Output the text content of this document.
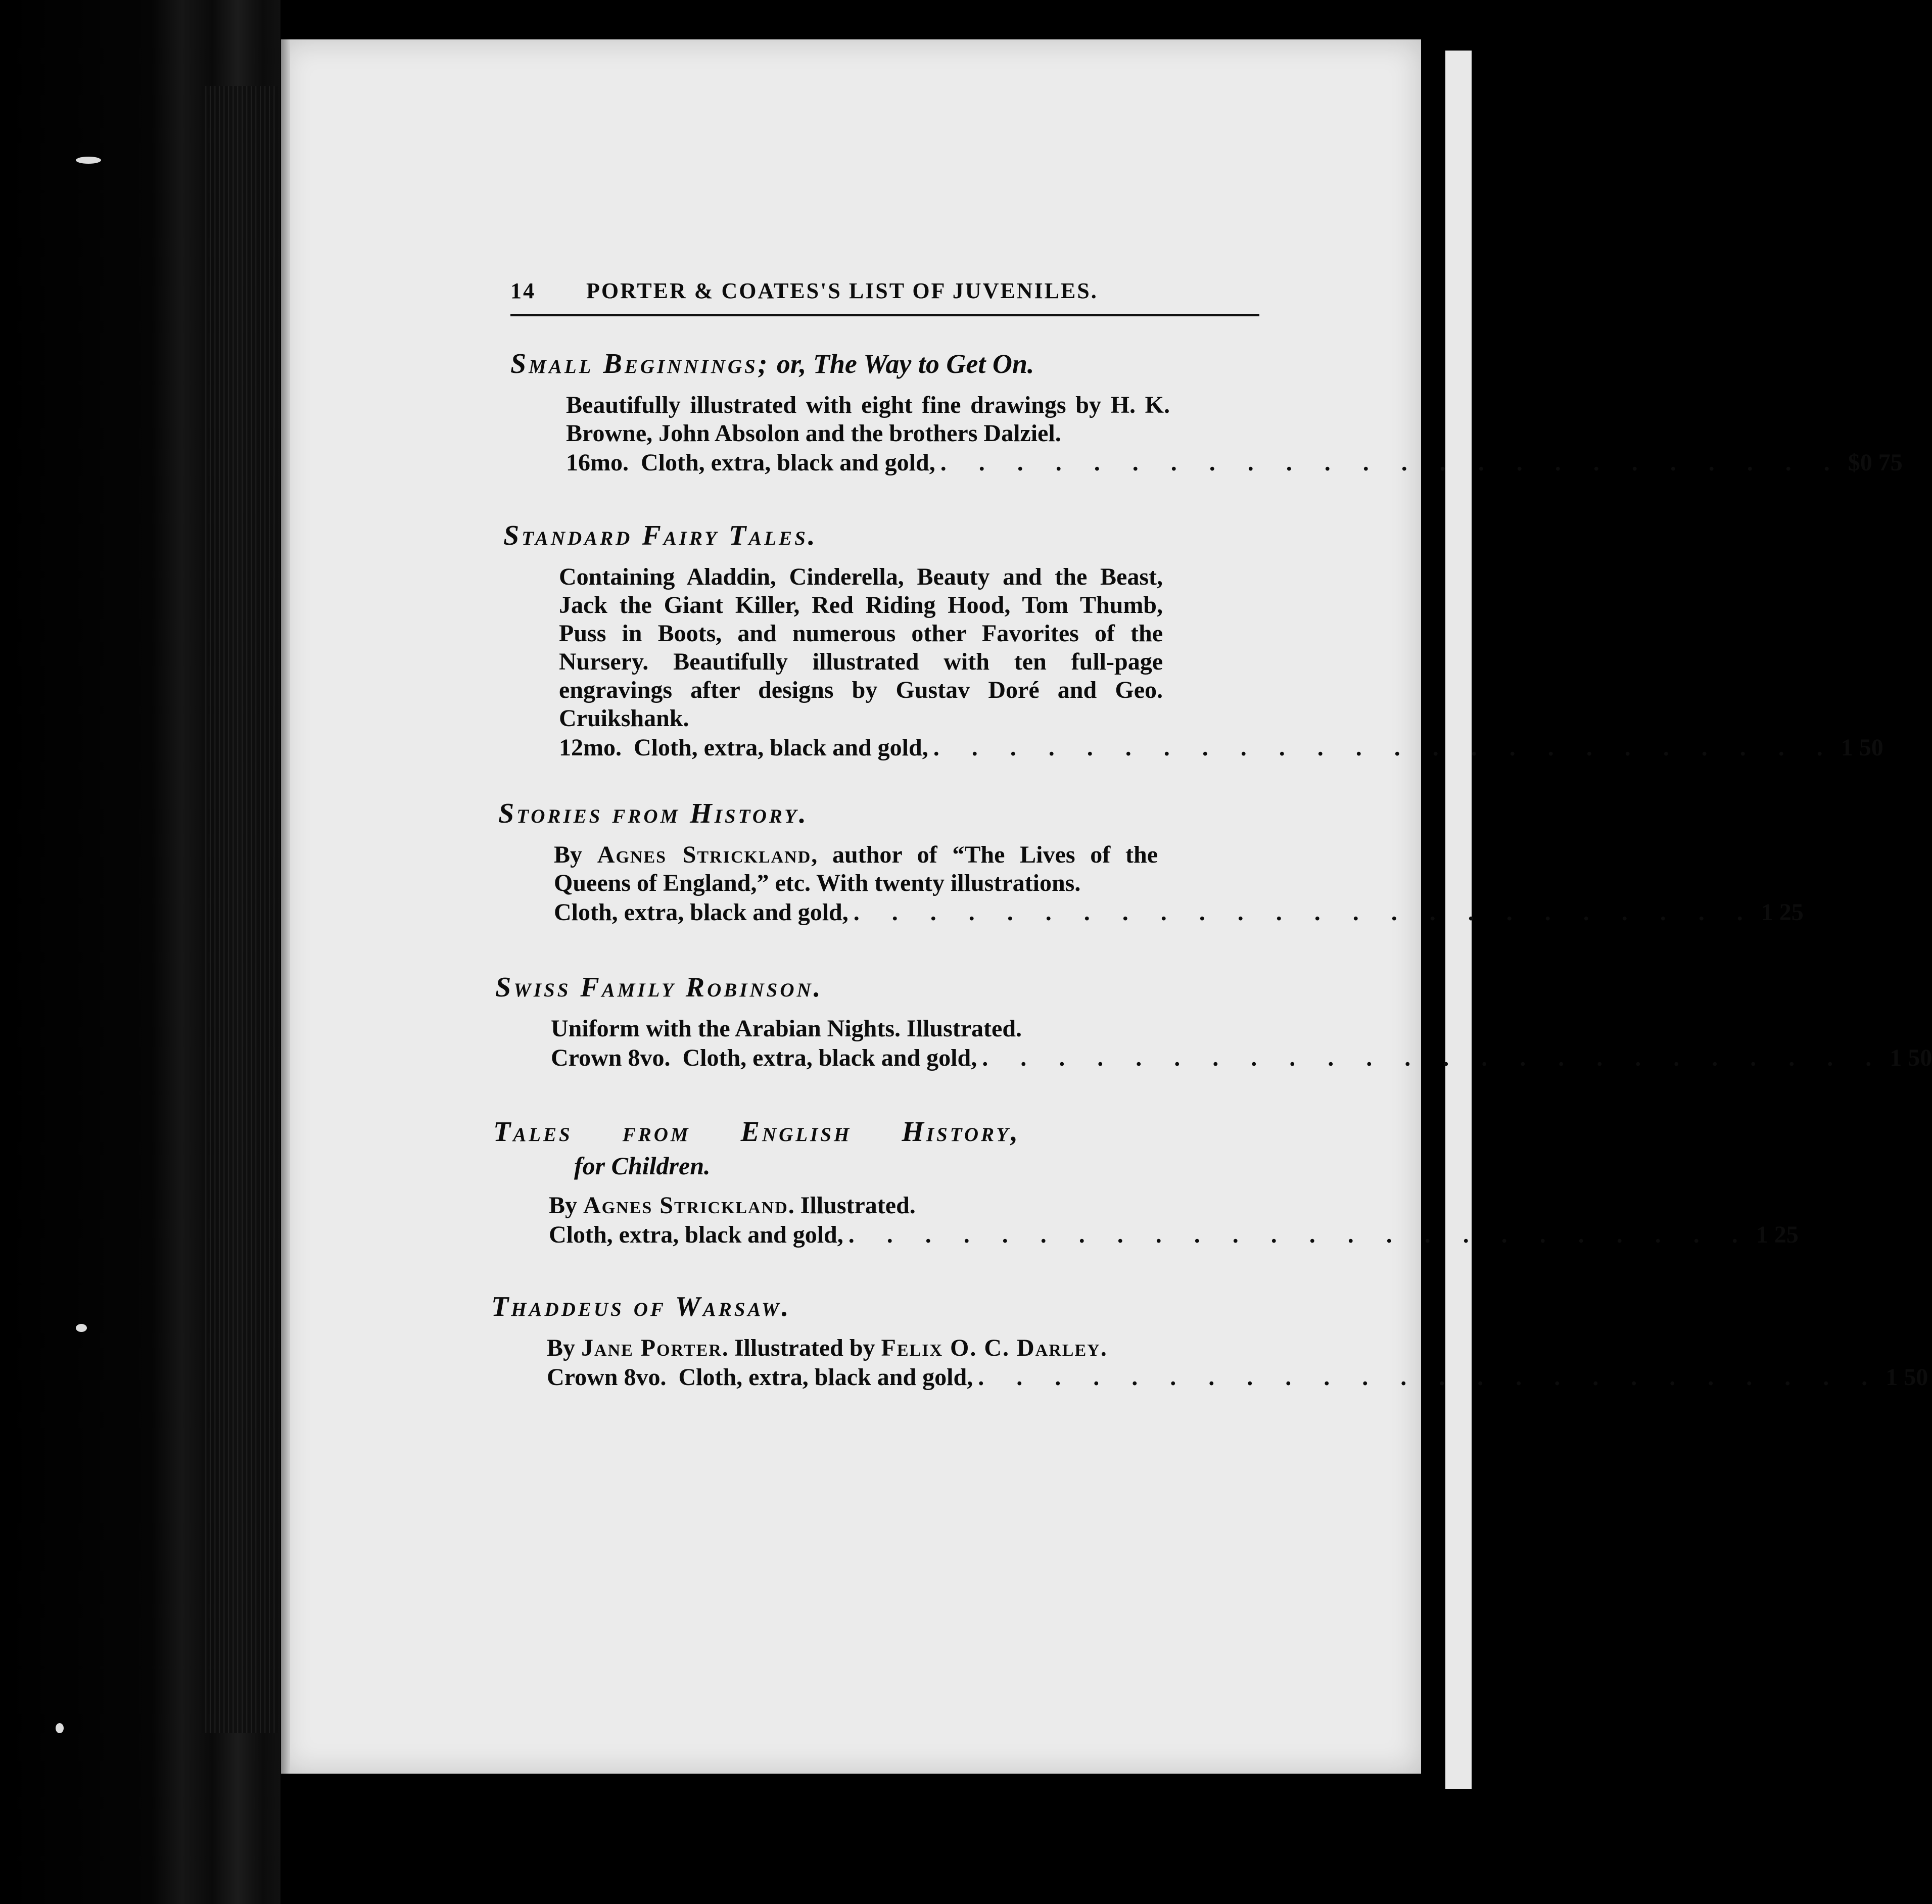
14	PORTER & COATES'S LIST OF JUVENILES.
Small Beginnings; or, The Way to Get On.
Beautifully illustrated with eight fine drawings by H. K. Browne, John Absolon and the brothers Dalziel.
16mo.  Cloth, extra, black and gold, . . . . . . . . . . . . . . . . . . . . . . . . $0 75
Standard Fairy Tales.
Containing Aladdin, Cinderella, Beauty and the Beast, Jack the Giant Killer, Red Riding Hood, Tom Thumb, Puss in Boots, and numerous other Favorites of the Nursery. Beautifully illustrated with ten full-page engravings after designs by Gustav Doré and Geo. Cruikshank.
12mo.  Cloth, extra, black and gold, . . . . . . . . . . . . . . . . . . . . . . . . 1 50
Stories from History.
By Agnes Strickland, author of “The Lives of the Queens of England,” etc. With twenty illustrations.
Cloth, extra, black and gold, . . . . . . . . . . . . . . . . . . . . . . . . 1 25
Swiss Family Robinson.
Uniform with the Arabian Nights. Illustrated.
Crown 8vo.  Cloth, extra, black and gold, . . . . . . . . . . . . . . . . . . . . . . . . 1 50
Tales from English History,
for Children.
By Agnes Strickland. Illustrated.
Cloth, extra, black and gold, . . . . . . . . . . . . . . . . . . . . . . . . 1 25
Thaddeus of Warsaw.
By Jane Porter. Illustrated by Felix O. C. Darley.
Crown 8vo.  Cloth, extra, black and gold, . . . . . . . . . . . . . . . . . . . . . . . . 1 50
